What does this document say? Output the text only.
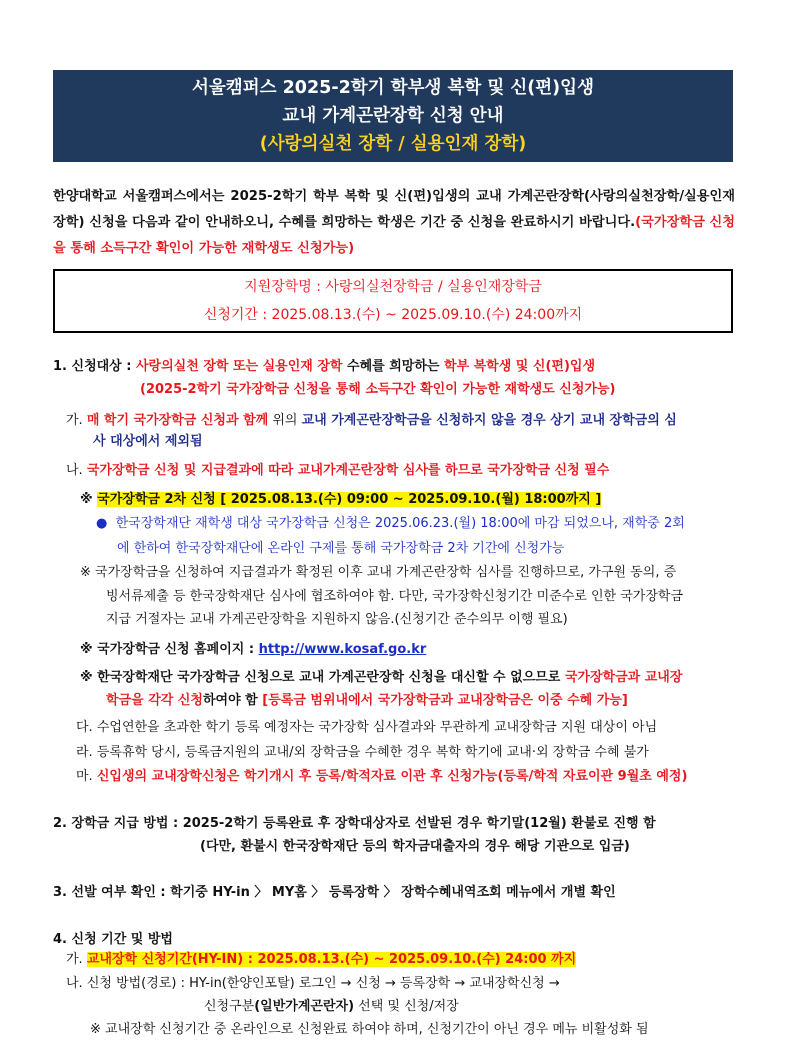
서울캠퍼스 2025-2학기 학부생 복학 및 신(편)입생
교내 가계곤란장학 신청 안내
(사랑의실천 장학 / 실용인재 장학)
한양대학교 서울캠퍼스에서는 2025-2학기 학부 복학 및 신(편)입생의 교내 가계곤란장학(사랑의실천장학/실용인재 장학) 신청을 다음과 같이 안내하오니, 수혜를 희망하는 학생은 기간 중 신청을 완료하시기 바랍니다.(국가장학금 신청을 통해 소득구간 확인이 가능한 재학생도 신청가능)
지원장학명 : 사랑의실천장학금 / 실용인재장학금
신청기간 : 2025.08.13.(수) ~ 2025.09.10.(수) 24:00까지
1. 신청대상 : 사랑의실천 장학 또는 실용인재 장학 수혜를 희망하는 학부 복학생 및 신(편)입생
(2025-2학기 국가장학금 신청을 통해 소득구간 확인이 가능한 재학생도 신청가능)
가. 매 학기 국가장학금 신청과 함께 위의 교내 가계곤란장학금을 신청하지 않을 경우 상기 교내 장학금의 심
사 대상에서 제외됨
나. 국가장학금 신청 및 지급결과에 따라 교내가계곤란장학 심사를 하므로 국가장학금 신청 필수
※ 국가장학금 2차 신청 [ 2025.08.13.(수) 09:00 ~ 2025.09.10.(월) 18:00까지 ]
● 한국장학재단 재학생 대상 국가장학금 신청은 2025.06.23.(월) 18:00에 마감 되었으나, 재학중 2회
에 한하여 한국장학재단에 온라인 구제를 통해 국가장학금 2차 기간에 신청가능
※ 국가장학금을 신청하여 지급결과가 확정된 이후 교내 가계곤란장학 심사를 진행하므로, 가구원 동의, 증
빙서류제출 등 한국장학재단 심사에 협조하여야 함. 다만, 국가장학신청기간 미준수로 인한 국가장학금
지급 거절자는 교내 가계곤란장학을 지원하지 않음.(신청기간 준수의무 이행 필요)
※ 국가장학금 신청 홈페이지 : http://www.kosaf.go.kr
※ 한국장학재단 국가장학금 신청으로 교내 가계곤란장학 신청을 대신할 수 없으므로 국가장학금과 교내장
학금을 각각 신청하여야 함 [등록금 범위내에서 국가장학금과 교내장학금은 이중 수혜 가능]
다. 수업연한을 초과한 학기 등록 예정자는 국가장학 심사결과와 무관하게 교내장학금 지원 대상이 아님
라. 등록휴학 당시, 등록금지원의 교내/외 장학금을 수혜한 경우 복학 학기에 교내·외 장학금 수혜 불가
마. 신입생의 교내장학신청은 학기개시 후 등록/학적자료 이관 후 신청가능(등록/학적 자료이관 9월초 예정)
2. 장학금 지급 방법 : 2025-2학기 등록완료 후 장학대상자로 선발된 경우 학기말(12월) 환불로 진행 함
(다만, 환불시 한국장학재단 등의 학자금대출자의 경우 해당 기관으로 입금)
3. 선발 여부 확인 : 학기중 HY-in 〉 MY홈 〉 등록장학 〉 장학수혜내역조회 메뉴에서 개별 확인
4. 신청 기간 및 방법
가. 교내장학 신청기간(HY-IN) : 2025.08.13.(수) ~ 2025.09.10.(수) 24:00 까지
나. 신청 방법(경로) : HY-in(한양인포탈) 로그인 → 신청 → 등록장학 → 교내장학신청 →
신청구분(일반가계곤란자) 선택 및 신청/저장
※ 교내장학 신청기간 중 온라인으로 신청완료 하여야 하며, 신청기간이 아닌 경우 메뉴 비활성화 됨
